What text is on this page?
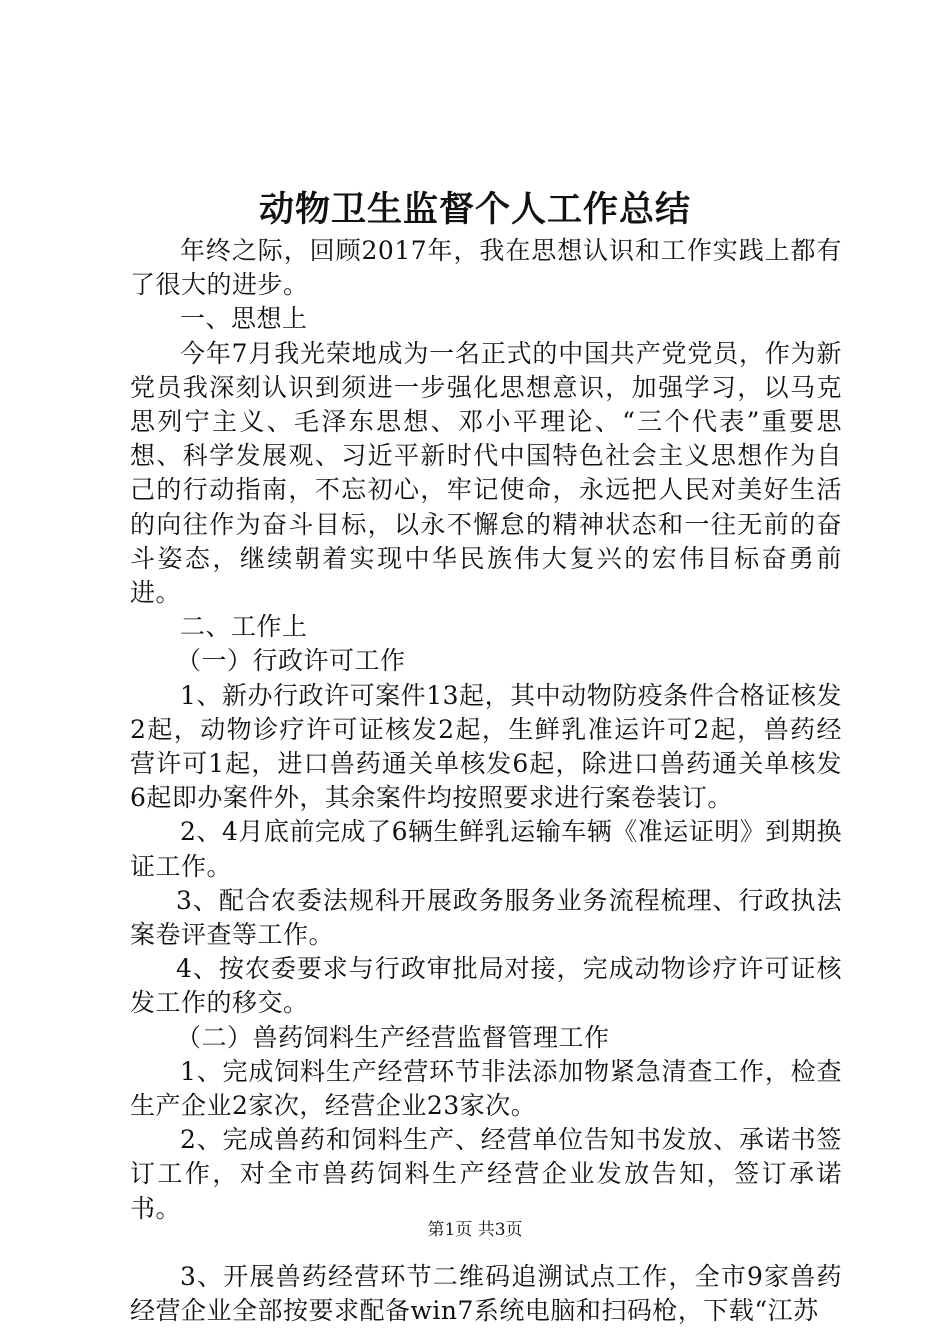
动物卫生监督个人工作总结

年终之际，回顾2017年，我在思想认识和工作实践上都有了很大的进步。

一、思想上

今年7月我光荣地成为一名正式的中国共产党党员，作为新党员我深刻认识到须进一步强化思想意识，加强学习，以马克思列宁主义、毛泽东思想、邓小平理论、“三个代表”重要思想、科学发展观、习近平新时代中国特色社会主义思想作为自己的行动指南，不忘初心，牢记使命，永远把人民对美好生活的向往作为奋斗目标，以永不懈怠的精神状态和一往无前的奋斗姿态，继续朝着实现中华民族伟大复兴的宏伟目标奋勇前进。

二、工作上

（一）行政许可工作

1、新办行政许可案件13起，其中动物防疫条件合格证核发2起，动物诊疗许可证核发2起，生鲜乳准运许可2起，兽药经营许可1起，进口兽药通关单核发6起，除进口兽药通关单核发6起即办案件外，其余案件均按照要求进行案卷装订。

2、4月底前完成了6辆生鲜乳运输车辆《准运证明》到期换证工作。

3、配合农委法规科开展政务服务业务流程梳理、行政执法案卷评查等工作。

4、按农委要求与行政审批局对接，完成动物诊疗许可证核发工作的移交。

（二）兽药饲料生产经营监督管理工作

1、完成饲料生产经营环节非法添加物紧急清查工作，检查生产企业2家次，经营企业23家次。

2、完成兽药和饲料生产、经营单位告知书发放、承诺书签订工作，对全市兽药饲料生产经营企业发放告知，签订承诺书。

3、开展兽药经营环节二维码追溯试点工作，全市9家兽药经营企业全部按要求配备win7系统电脑和扫码枪，下载“江苏

第1页 共3页
